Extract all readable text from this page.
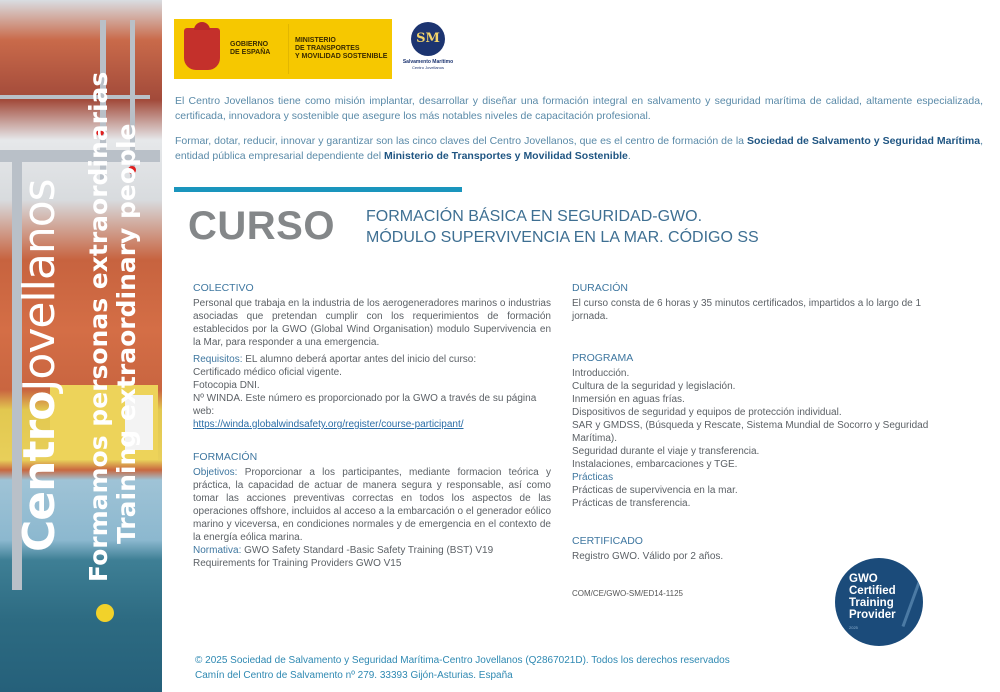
CentroJovellanos Formamos personas extraordinarias Training extraordinary people
GOBIERNO
DE ESPAÑA
MINISTERIO
DE TRANSPORTES
Y MOVILIDAD SOSTENIBLE
SM
Salvamento Marítimo
Centro Jovellanos

El Centro Jovellanos tiene como misión implantar, desarrollar y diseñar una formación integral en salvamento y seguridad marítima de calidad, altamente especializada, certificada, innovadora y sostenible que asegure los más notables niveles de capacitación profesional.

Formar, dotar, reducir, innovar y garantizar son las cinco claves del Centro Jovellanos, que es el centro de formación de la Sociedad de Salvamento y Seguridad Marítima, entidad pública empresarial dependiente del Ministerio de Transportes y Movilidad Sostenible.

CURSO FORMACIÓN BÁSICA EN SEGURIDAD-GWO.
MÓDULO SUPERVIVENCIA EN LA MAR. CÓDIGO SS
COLECTIVO
Personal que trabaja en la industria de los aerogeneradores marinos o industrias asociadas que pretendan cumplir con los requerimientos de formación establecidos por la GWO (Global Wind Organisation) modulo Supervivencia en la Mar, para responder a una emergencia.
Requisitos: EL alumno deberá aportar antes del inicio del curso:
Certificado médico oficial vigente.
Fotocopia DNI.
Nº WINDA. Este número es proporcionado por la GWO a través de su página web:
https://winda.globalwindsafety.org/register/course-participant/
FORMACIÓN
Objetivos: Proporcionar a los participantes, mediante formacion teórica y práctica, la capacidad de actuar de manera segura y responsable, así como tomar las acciones preventivas correctas en todos los aspectos de las operaciones offshore, incluidos al acceso a la embarcación o el generador eólico marino y viceversa, en condiciones normales y de emergencia en el contexto de la energía eólica marina.
Normativa: GWO Safety Standard -Basic Safety Training (BST) V19
Requirements for Training Providers GWO V15
DURACIÓN
El curso consta de 6 horas y 35 minutos certificados, impartidos a lo largo de 1 jornada.
PROGRAMA
Introducción.
Cultura de la seguridad y legislación.
Inmersión en aguas frías.
Dispositivos de seguridad y equipos de protección individual.
SAR y GMDSS, (Búsqueda y Rescate, Sistema Mundial de Socorro y Seguridad Marítima).
Seguridad durante el viaje y transferencia.
Instalaciones, embarcaciones y TGE.
Prácticas
Prácticas de supervivencia en la mar.
Prácticas de transferencia.
CERTIFICADO
Registro GWO. Válido por 2 años.
COM/CE/GWO-SM/ED14-1125
GWO
Certified
Training
Provider
2025
© 2025 Sociedad de Salvamento y Seguridad Marítima-Centro Jovellanos (Q2867021D). Todos los derechos reservados
Camín del Centro de Salvamento nº 279. 33393 Gijón-Asturias. España
